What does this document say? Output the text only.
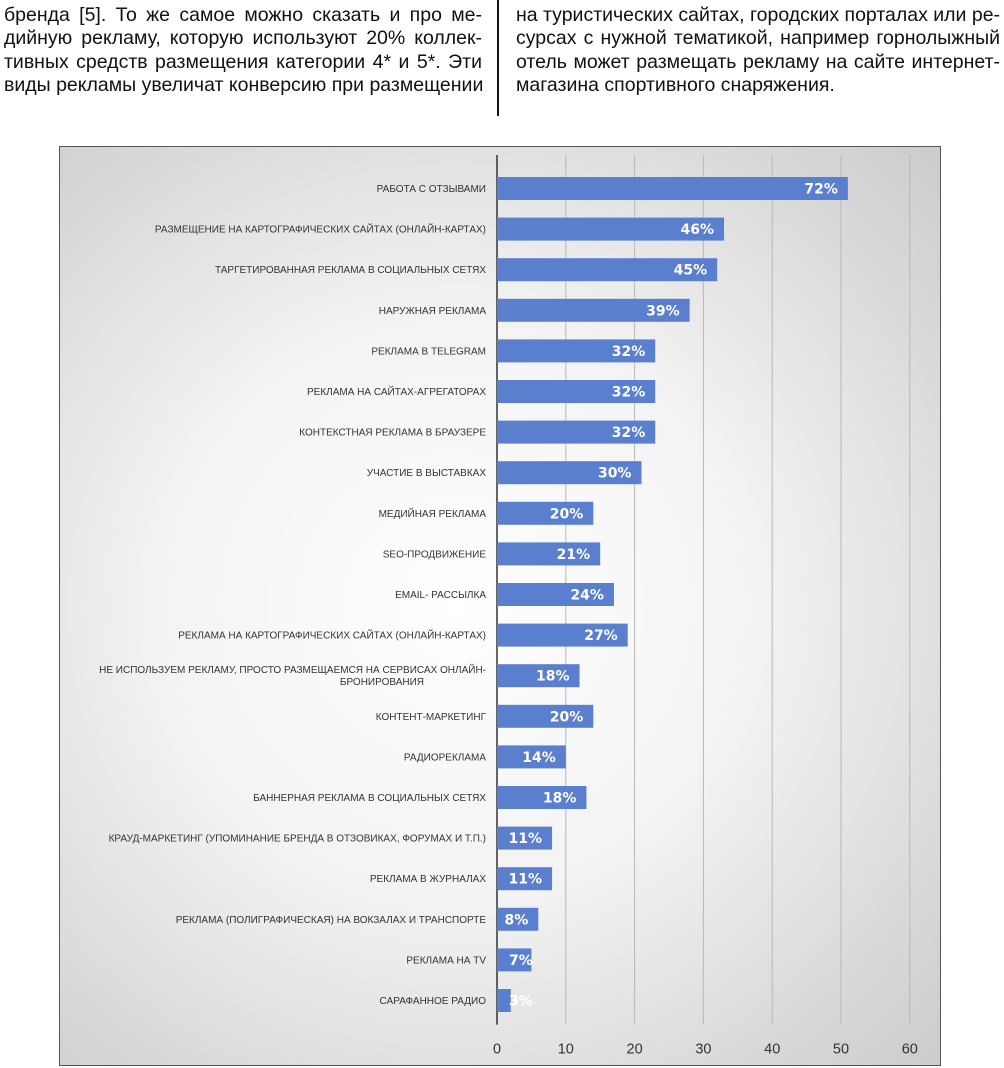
бренда [5]. То же самое можно сказать и про ме-
дийную рекламу, которую используют 20% коллек-
тивных средств размещения категории 4* и 5*. Эти
виды рекламы увеличат конверсию при размещении
на туристических сайтах, городских порталах или ре-
сурсах с нужной тематикой, например горнолыжный
отель может размещать рекламу на сайте интернет-
магазина спортивного снаряжения.
0	10	20	30	40	50	60
РАБОТА С ОТЗЫВАМИ	72%
РАЗМЕЩЕНИЕ НА КАРТОГРАФИЧЕСКИХ САЙТАХ (ОНЛАЙН-КАРТАХ)	46%
ТАРГЕТИРОВАННАЯ РЕКЛАМА В СОЦИАЛЬНЫХ СЕТЯХ	45%
НАРУЖНАЯ РЕКЛАМА	39%
РЕКЛАМА В TELEGRAM	32%
РЕКЛАМА НА САЙТАХ-АГРЕГАТОРАХ	32%
КОНТЕКСТНАЯ РЕКЛАМА В БРАУЗЕРЕ	32%
УЧАСТИЕ В ВЫСТАВКАХ	30%
МЕДИЙНАЯ РЕКЛАМА	20%
SEO-ПРОДВИЖЕНИЕ	21%
EMAIL- РАССЫЛКА	24%
РЕКЛАМА НА КАРТОГРАФИЧЕСКИХ САЙТАХ (ОНЛАЙН-КАРТАХ)	27%
НЕ ИСПОЛЬЗУЕМ РЕКЛАМУ, ПРОСТО РАЗМЕЩАЕМСЯ НА СЕРВИСАХ ОНЛАЙН-БРОНИРОВАНИЯ	18%
КОНТЕНТ-МАРКЕТИНГ	20%
РАДИОРЕКЛАМА	14%
БАННЕРНАЯ РЕКЛАМА В СОЦИАЛЬНЫХ СЕТЯХ	18%
КРАУД-МАРКЕТИНГ (УПОМИНАНИЕ БРЕНДА В ОТЗОВИКАХ, ФОРУМАХ И Т.П.) 11%
РЕКЛАМА В ЖУРНАЛАХ 11%
РЕКЛАМА (ПОЛИГРАФИЧЕСКАЯ) НА ВОКЗАЛАХ И ТРАНСПОРТЕ 8%
РЕКЛАМА НА TV 7%
САРАФАННОЕ РАДИО 3%
